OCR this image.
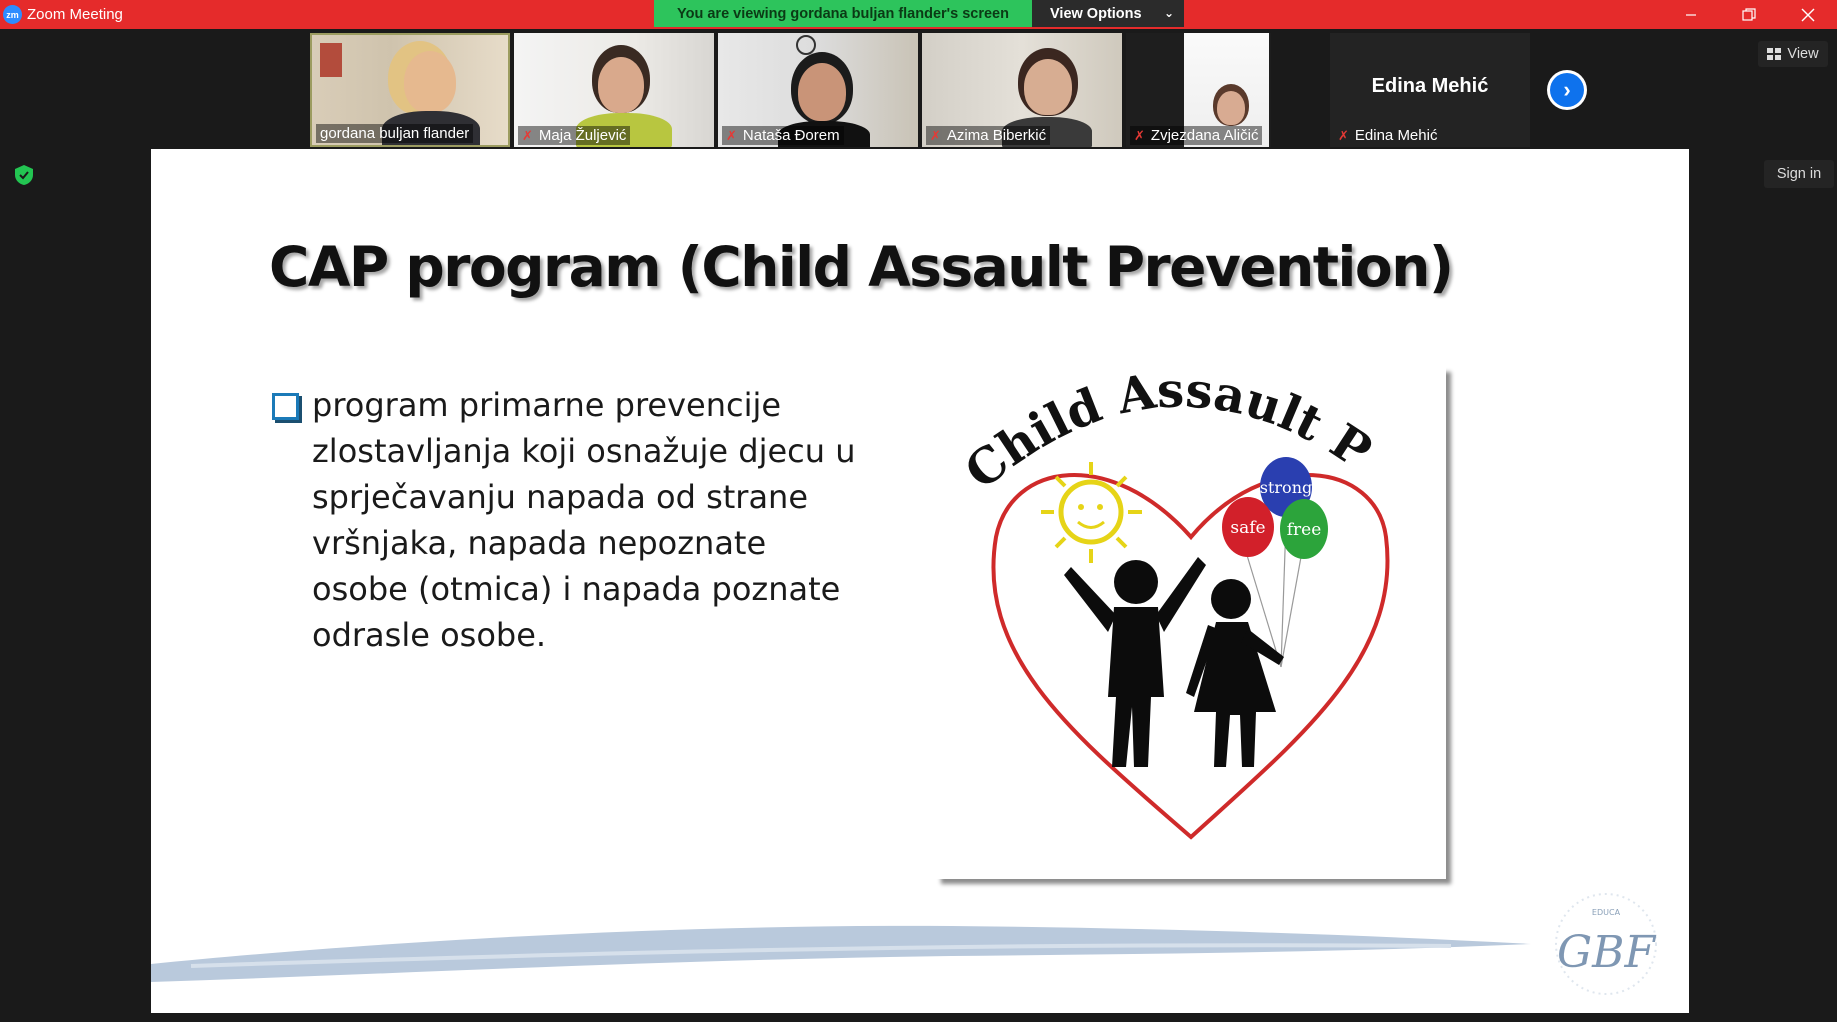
zm Zoom Meeting	You are viewing gordana buljan flander's screen	View Options ⌄
gordana buljan flander	✗ Maja Žuljević	✗ Nataša Đorem	✗ Azima Biberkić	✗ Zvjezdana Aličić
Edina Mehić
✗ Edina Mehić
›
View
Sign in
CAP program (Child Assault Prevention)
program primarne prevencije zlostavljanja koji osnažuje djecu u sprječavanju napada od strane vršnjaka, napada nepoznate osobe (otmica) i napada poznate odrasle osobe.
Child Assault P
strong
safe free
EDUCA
GBF
